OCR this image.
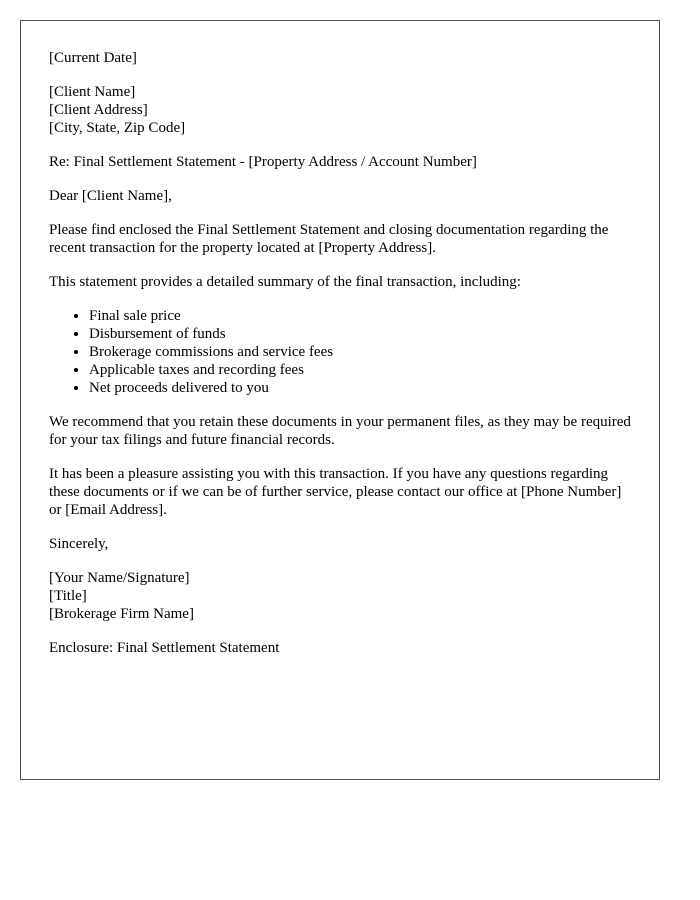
[Current Date]

[Client Name]
[Client Address]
[City, State, Zip Code]

Re: Final Settlement Statement - [Property Address / Account Number]

Dear [Client Name],

Please find enclosed the Final Settlement Statement and closing documentation regarding the recent transaction for the property located at [Property Address].

This statement provides a detailed summary of the final transaction, including:

• Final sale price
• Disbursement of funds
• Brokerage commissions and service fees
• Applicable taxes and recording fees
• Net proceeds delivered to you

We recommend that you retain these documents in your permanent files, as they may be required for your tax filings and future financial records.

It has been a pleasure assisting you with this transaction. If you have any questions regarding these documents or if we can be of further service, please contact our office at [Phone Number] or [Email Address].

Sincerely,

[Your Name/Signature]
[Title]
[Brokerage Firm Name]

Enclosure: Final Settlement Statement
